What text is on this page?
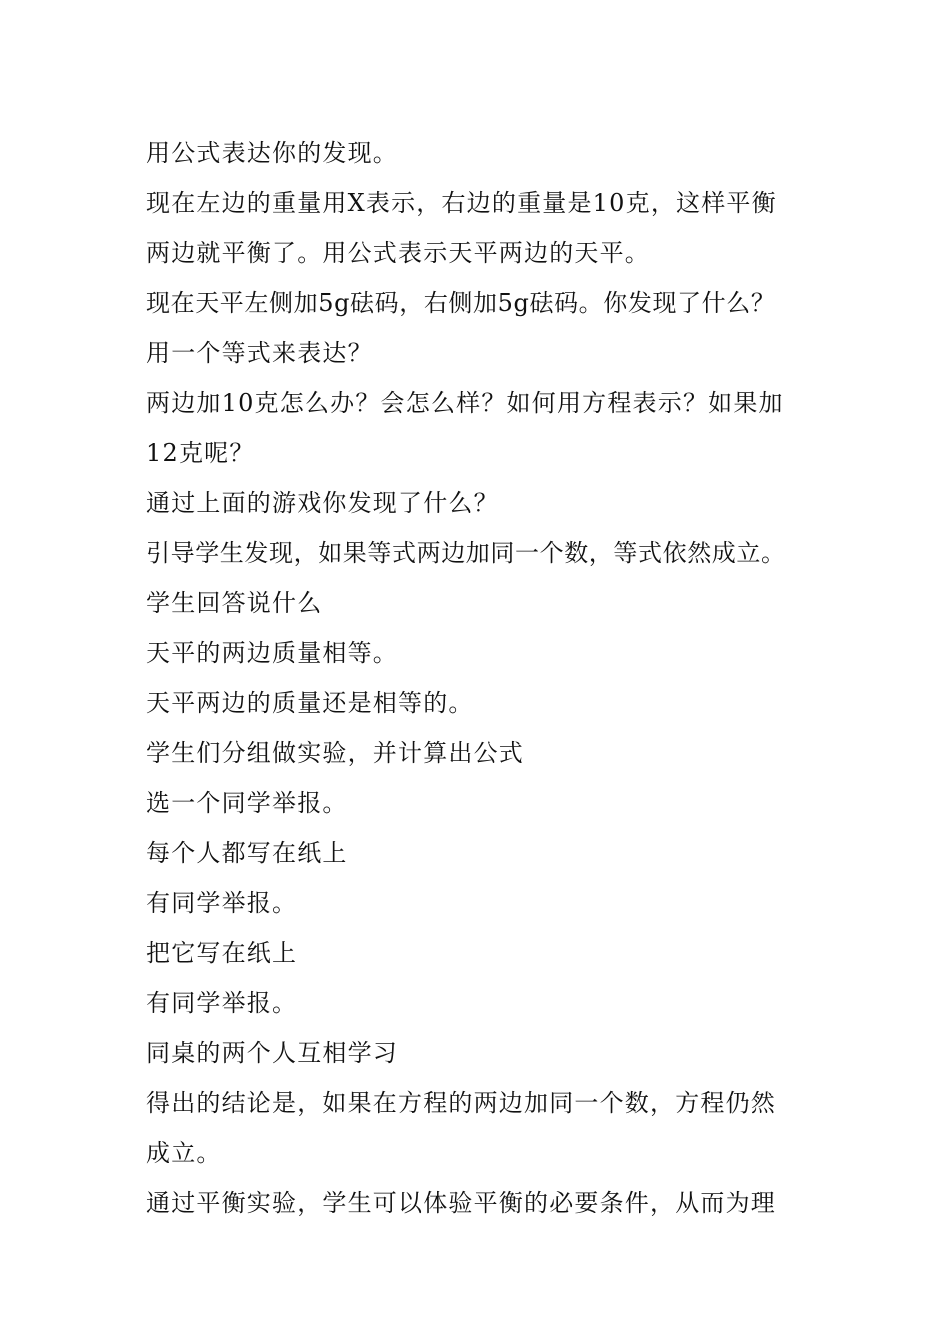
用公式表达你的发现。
现在左边的重量用X表示，右边的重量是10克，这样平衡
两边就平衡了。用公式表示天平两边的天平。
现在天平左侧加5g砝码，右侧加5g砝码。你发现了什么？
用一个等式来表达？
两边加10克怎么办？会怎么样？如何用方程表示？如果加
12克呢？
通过上面的游戏你发现了什么？
引导学生发现，如果等式两边加同一个数，等式依然成立。
学生回答说什么
天平的两边质量相等。
天平两边的质量还是相等的。
学生们分组做实验，并计算出公式
选一个同学举报。
每个人都写在纸上
有同学举报。
把它写在纸上
有同学举报。
同桌的两个人互相学习
得出的结论是，如果在方程的两边加同一个数，方程仍然
成立。
通过平衡实验，学生可以体验平衡的必要条件，从而为理
